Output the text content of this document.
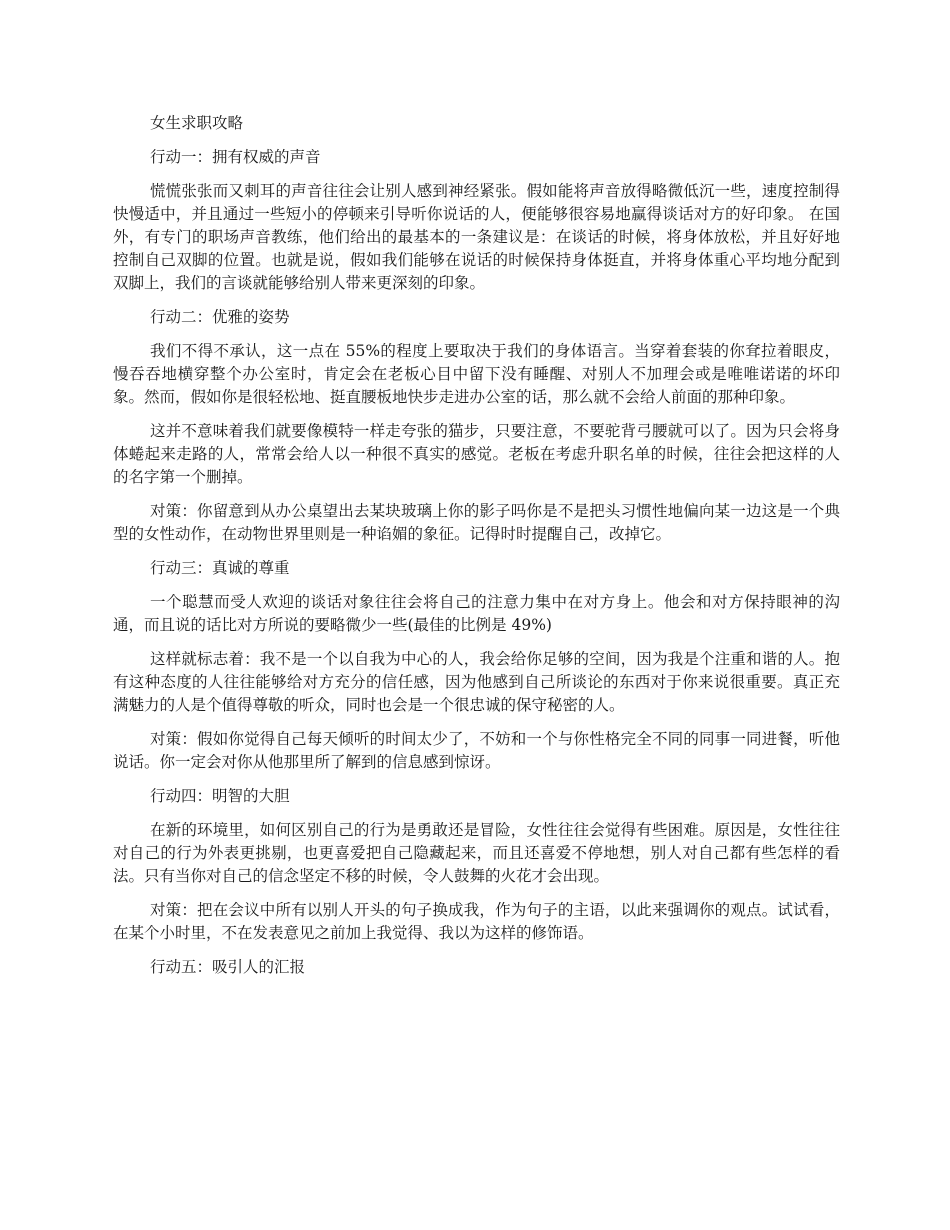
女生求职攻略

行动一：拥有权威的声音

慌慌张张而又刺耳的声音往往会让别人感到神经紧张。假如能将声音放得略微低沉一些，速度控制得快慢适中，并且通过一些短小的停顿来引导听你说话的人，便能够很容易地赢得谈话对方的好印象。 在国外，有专门的职场声音教练，他们给出的最基本的一条建议是：在谈话的时候，将身体放松，并且好好地控制自己双脚的位置。也就是说，假如我们能够在说话的时候保持身体挺直，并将身体重心平均地分配到双脚上，我们的言谈就能够给别人带来更深刻的印象。

行动二：优雅的姿势

我们不得不承认，这一点在 55%的程度上要取决于我们的身体语言。当穿着套装的你耷拉着眼皮，慢吞吞地横穿整个办公室时，肯定会在老板心目中留下没有睡醒、对别人不加理会或是唯唯诺诺的坏印象。然而，假如你是很轻松地、挺直腰板地快步走进办公室的话，那么就不会给人前面的那种印象。

这并不意味着我们就要像模特一样走夸张的猫步，只要注意，不要驼背弓腰就可以了。因为只会将身体蜷起来走路的人，常常会给人以一种很不真实的感觉。老板在考虑升职名单的时候，往往会把这样的人的名字第一个删掉。

对策：你留意到从办公桌望出去某块玻璃上你的影子吗你是不是把头习惯性地偏向某一边这是一个典型的女性动作，在动物世界里则是一种谄媚的象征。记得时时提醒自己，改掉它。

行动三：真诚的尊重

一个聪慧而受人欢迎的谈话对象往往会将自己的注意力集中在对方身上。他会和对方保持眼神的沟通，而且说的话比对方所说的要略微少一些(最佳的比例是 49%)

这样就标志着：我不是一个以自我为中心的人，我会给你足够的空间，因为我是个注重和谐的人。抱有这种态度的人往往能够给对方充分的信任感，因为他感到自己所谈论的东西对于你来说很重要。真正充满魅力的人是个值得尊敬的听众，同时也会是一个很忠诚的保守秘密的人。

对策：假如你觉得自己每天倾听的时间太少了，不妨和一个与你性格完全不同的同事一同进餐，听他说话。你一定会对你从他那里所了解到的信息感到惊讶。

行动四：明智的大胆

在新的环境里，如何区别自己的行为是勇敢还是冒险，女性往往会觉得有些困难。原因是，女性往往对自己的行为外表更挑剔，也更喜爱把自己隐藏起来，而且还喜爱不停地想，别人对自己都有些怎样的看法。只有当你对自己的信念坚定不移的时候，令人鼓舞的火花才会出现。

对策：把在会议中所有以别人开头的句子换成我，作为句子的主语，以此来强调你的观点。试试看，在某个小时里，不在发表意见之前加上我觉得、我以为这样的修饰语。

行动五：吸引人的汇报
